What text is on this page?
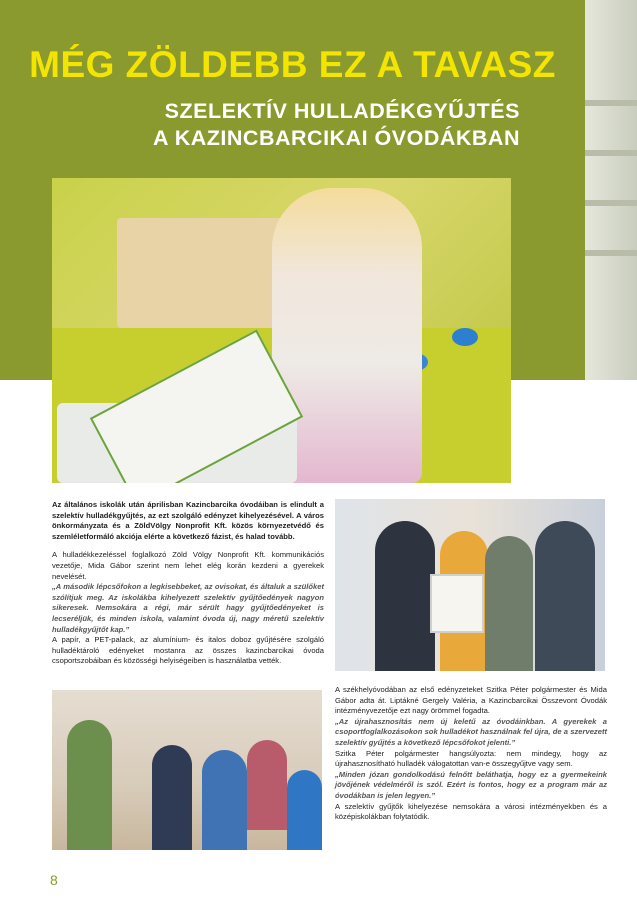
MÉG ZÖLDEBB EZ A TAVASZ
SZELEKTÍV HULLADÉKGYŰJTÉS
A KAZINCBARCIKAI ÓVODÁKBAN

Az általános iskolák után áprilisban Kazincbarcika óvodáiban is elindult a szelektív hulladékgyűjtés, az ezt szolgáló edényzet kihelyezésével. A város önkormányzata és a ZöldVölgy Nonprofit Kft. közös környezetvédő és szemléletformáló akciója elérte a következő fázist, és halad tovább.

A hulladékkezeléssel foglalkozó Zöld Völgy Nonprofit Kft. kommunikációs vezetője, Mida Gábor szerint nem lehet elég korán kezdeni a gyerekek nevelését.

„A második lépcsőfokon a legkisebbeket, az ovisokat, és általuk a szülőket szólítjuk meg. Az iskolákba kihelyezett szelektív gyűjtőedények nagyon sikeresek. Nemsokára a régi, már sérült hagy gyűjtőedényeket is lecseréljük, és minden iskola, valamint óvoda új, nagy méretű szelektív hulladékgyűjtőt kap.”

A papír, a PET-palack, az alumínium- és italos doboz gyűjtésére szolgáló hulladéktároló edényeket mostanra az összes kazincbarcikai óvoda csoportszobáiban és közösségi helyiségeiben is használatba vették.

A székhelyóvodában az első edényzeteket Szitka Péter polgármester és Mida Gábor adta át. Liptákné Gergely Valéria, a Kazincbarcikai Összevont Óvodák intézményvezetője ezt nagy örömmel fogadta.

„Az újrahasznosítás nem új keletű az óvodáinkban. A gyerekek a csoportfoglalkozásokon sok hulladékot használnak fel újra, de a szervezett szelektív gyűjtés a következő lépcsőfokot jelenti.”

Szitka Péter polgármester hangsúlyozta: nem mindegy, hogy az újrahasznosítható hulladék válogatottan van-e összegyűjtve vagy sem.

„Minden józan gondolkodású felnőtt beláthatja, hogy ez a gyermekeink jövőjének védelméről is szól. Ezért is fontos, hogy ez a program már az óvodákban is jelen legyen.”

A szelektív gyűjtők kihelyezése nemsokára a városi intézményekben és a középiskolákban folytatódik.

8
